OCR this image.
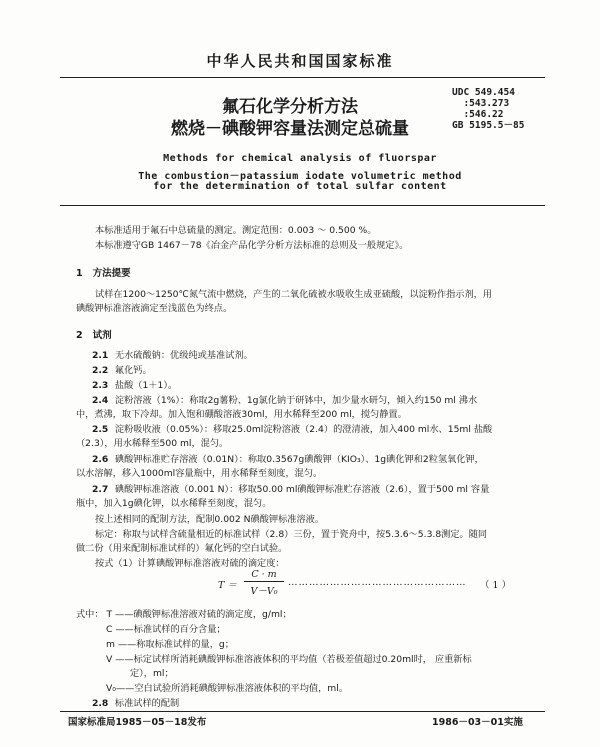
中华人民共和国国家标准
氟石化学分析方法
燃烧－碘酸钾容量法测定总硫量
UDC 549.454
:543.273
:546.22
GB 5195.5－85
Methods for chemical analysis of fluorspar
The combustion－patassium iodate volumetric method
for the determination of total sulfar content
本标准适用于氟石中总硫量的测定。测定范围：0.003 ～ 0.500 %。
本标准遵守GB 1467－78《冶金产品化学分析方法标准的总则及一般规定》。
1 方法提要
试样在1200～1250℃氮气流中燃烧，产生的二氧化硫被水吸收生成亚硫酸，以淀粉作指示剂，用
碘酸钾标准溶液滴定至浅蓝色为终点。
2 试剂
2.1 无水硫酸钠：优级纯或基准试剂。
2.2 氟化钙。
2.3 盐酸（1＋1）。
2.4 淀粉溶液（1%）：称取2g薯粉、1g氯化钠于研钵中，加少量水研匀，倾入约150 ml 沸水
中，煮沸，取下冷却。加入饱和硼酸溶液30ml，用水稀释至200 ml，搅匀静置。
2.5 淀粉吸收液（0.05%）：移取25.0ml淀粉溶液（2.4）的澄清液，加入400 ml水、15ml 盐酸
（2.3），用水稀释至500 ml，混匀。
2.6 碘酸钾标准贮存溶液（0.01N）：称取0.3567g碘酸钾（KIO₃）、1g碘化钾和2粒氢氧化钾，
以水溶解，移入1000ml容量瓶中，用水稀释至刻度，混匀。
2.7 碘酸钾标准溶液（0.001 N）：移取50.00 ml碘酸钾标准贮存溶液（2.6），置于500 ml 容量
瓶中，加入1g碘化钾，以水稀释至刻度，混匀。
按上述相同的配制方法，配制0.002 N碘酸钾标准溶液。
标定：称取与试样含硫量相近的标准试样（2.8）三份，置于瓷舟中，按5.3.6～5.3.8测定。随同
做二份（用来配制标准试样的）氟化钙的空白试验。
按式（1）计算碘酸钾标准溶液对硫的滴定度：
T ＝
C · m
V－V₀
…………………………………………… （ 1 ）
式中： T ——碘酸钾标准溶液对硫的滴定度，g/ml；
C ——标准试样的百分含量；
m ——称取标准试样的量，g；
V ——标定试样所消耗碘酸钾标准溶液体积的平均值（若极差值超过0.20ml时， 应重新标
定），ml；
V₀——空白试验所消耗碘酸钾标准溶液体积的平均值，ml。
2.8 标准试样的配制
国家标准局1985－05－18发布	1986－03－01实施
